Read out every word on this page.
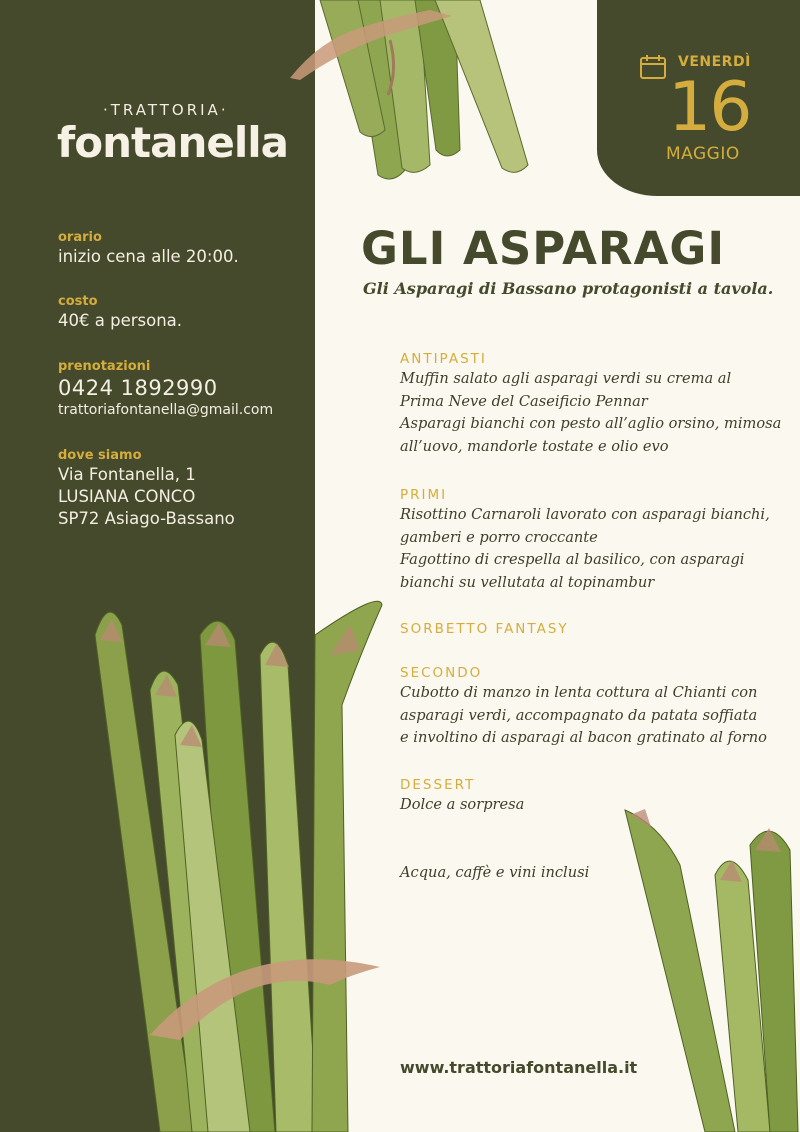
·TRATTORIA·
fontanella
orario
inizio cena alle 20:00.
costo
40€ a persona.
prenotazioni
0424 1892990
trattoriafontanella@gmail.com
dove siamo
Via Fontanella, 1
LUSIANA CONCO
SP72 Asiago-Bassano
VENERDÌ
16
MAGGIO
GLI ASPARAGI
Gli Asparagi di Bassano protagonisti a tavola.
ANTIPASTI
Muffin salato agli asparagi verdi su crema al
Prima Neve del Caseificio Pennar
Asparagi bianchi con pesto all’aglio orsino, mimosa
all’uovo, mandorle tostate e olio evo
PRIMI
Risottino Carnaroli lavorato con asparagi bianchi,
gamberi e porro croccante
Fagottino di crespella al basilico, con asparagi
bianchi su vellutata al topinambur
SORBETTO FANTASY
SECONDO
Cubotto di manzo in lenta cottura al Chianti con
asparagi verdi, accompagnato da patata soffiata
e involtino di asparagi al bacon gratinato al forno
DESSERT
Dolce a sorpresa
Acqua, caffè e vini inclusi
www.trattoriafontanella.it
